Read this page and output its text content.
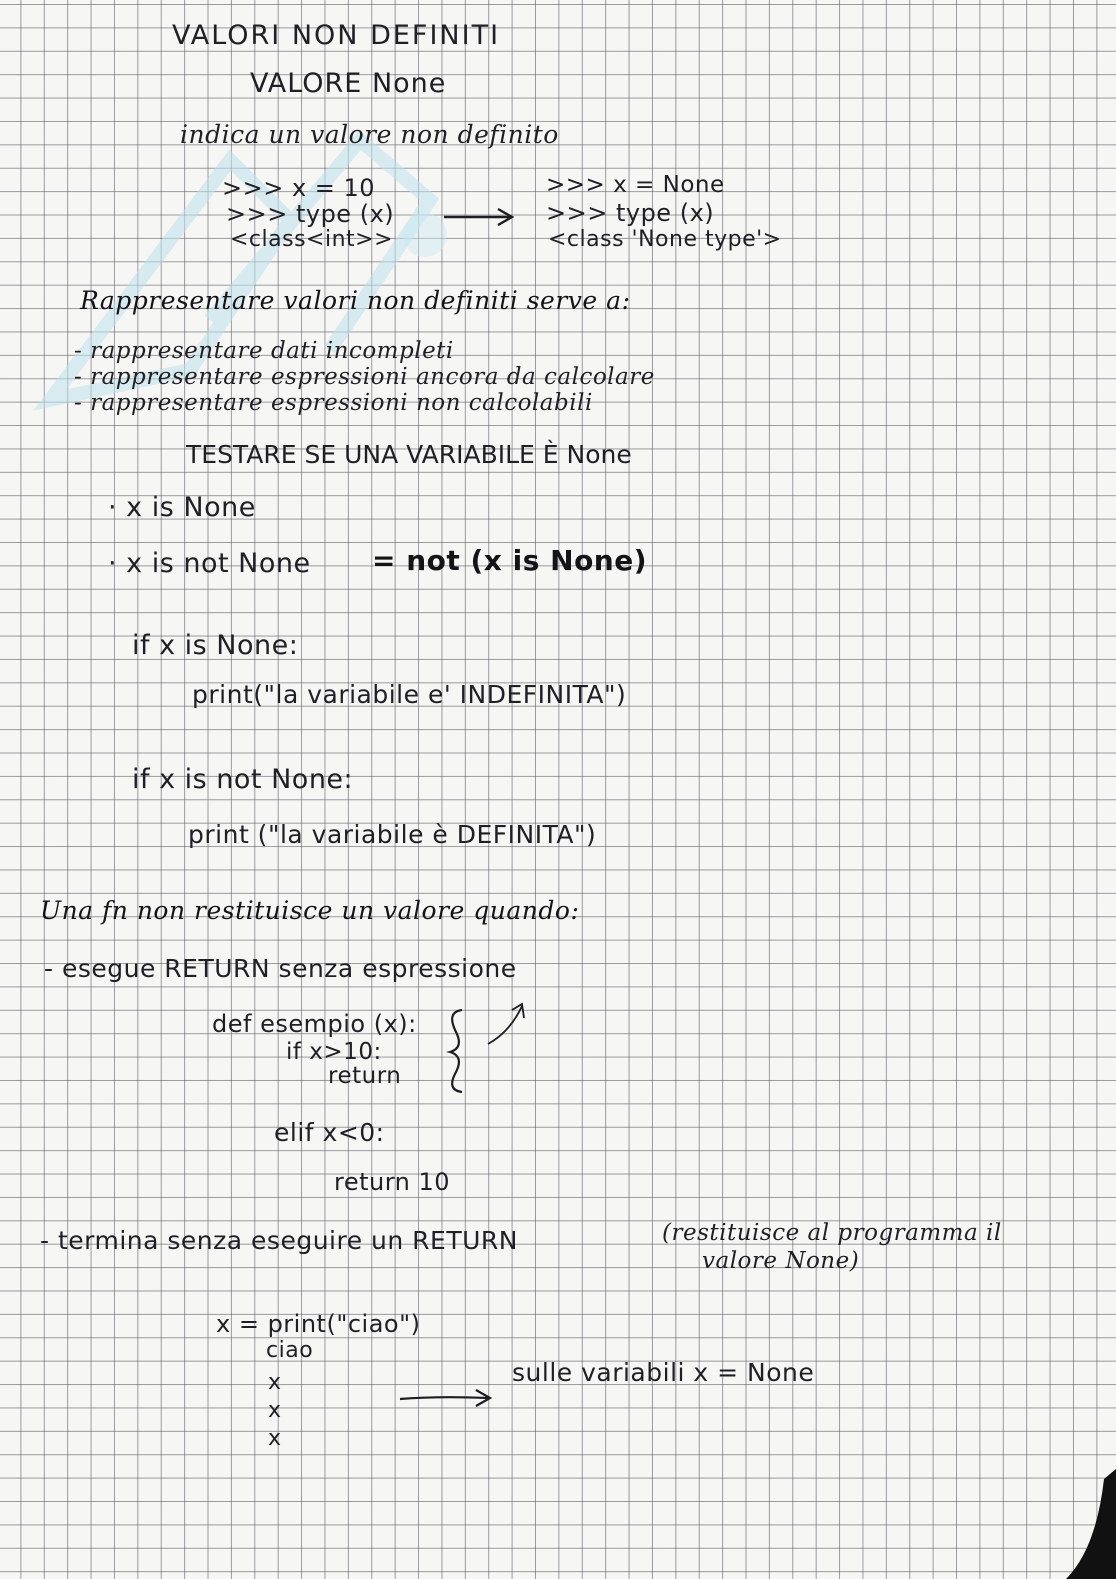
VALORI NON DEFINITI
VALORE None
indica un valore non definito
>>> x = 10
>>> type (x)
<class<int>>
>>> x = None
>>> type (x)
<class 'None type'>
Rappresentare valori non definiti serve a:
- rappresentare dati incompleti
- rappresentare espressioni ancora da calcolare
- rappresentare espressioni non calcolabili
TESTARE SE UNA VARIABILE È None
· x is None
· x is not None = not (x is None)
if x is None:
print("la variabile e' INDEFINITA")
if x is not None:
print ("la variabile è DEFINITA")
Una fn non restituisce un valore quando:
- esegue RETURN senza espressione
def esempio (x):
if x>10:
return
elif x<0:
return 10
- termina senza eseguire un RETURN	(restituisce al programma il
valore None)
x = print("ciao")
ciao
x
x
x
sulle variabili x = None
